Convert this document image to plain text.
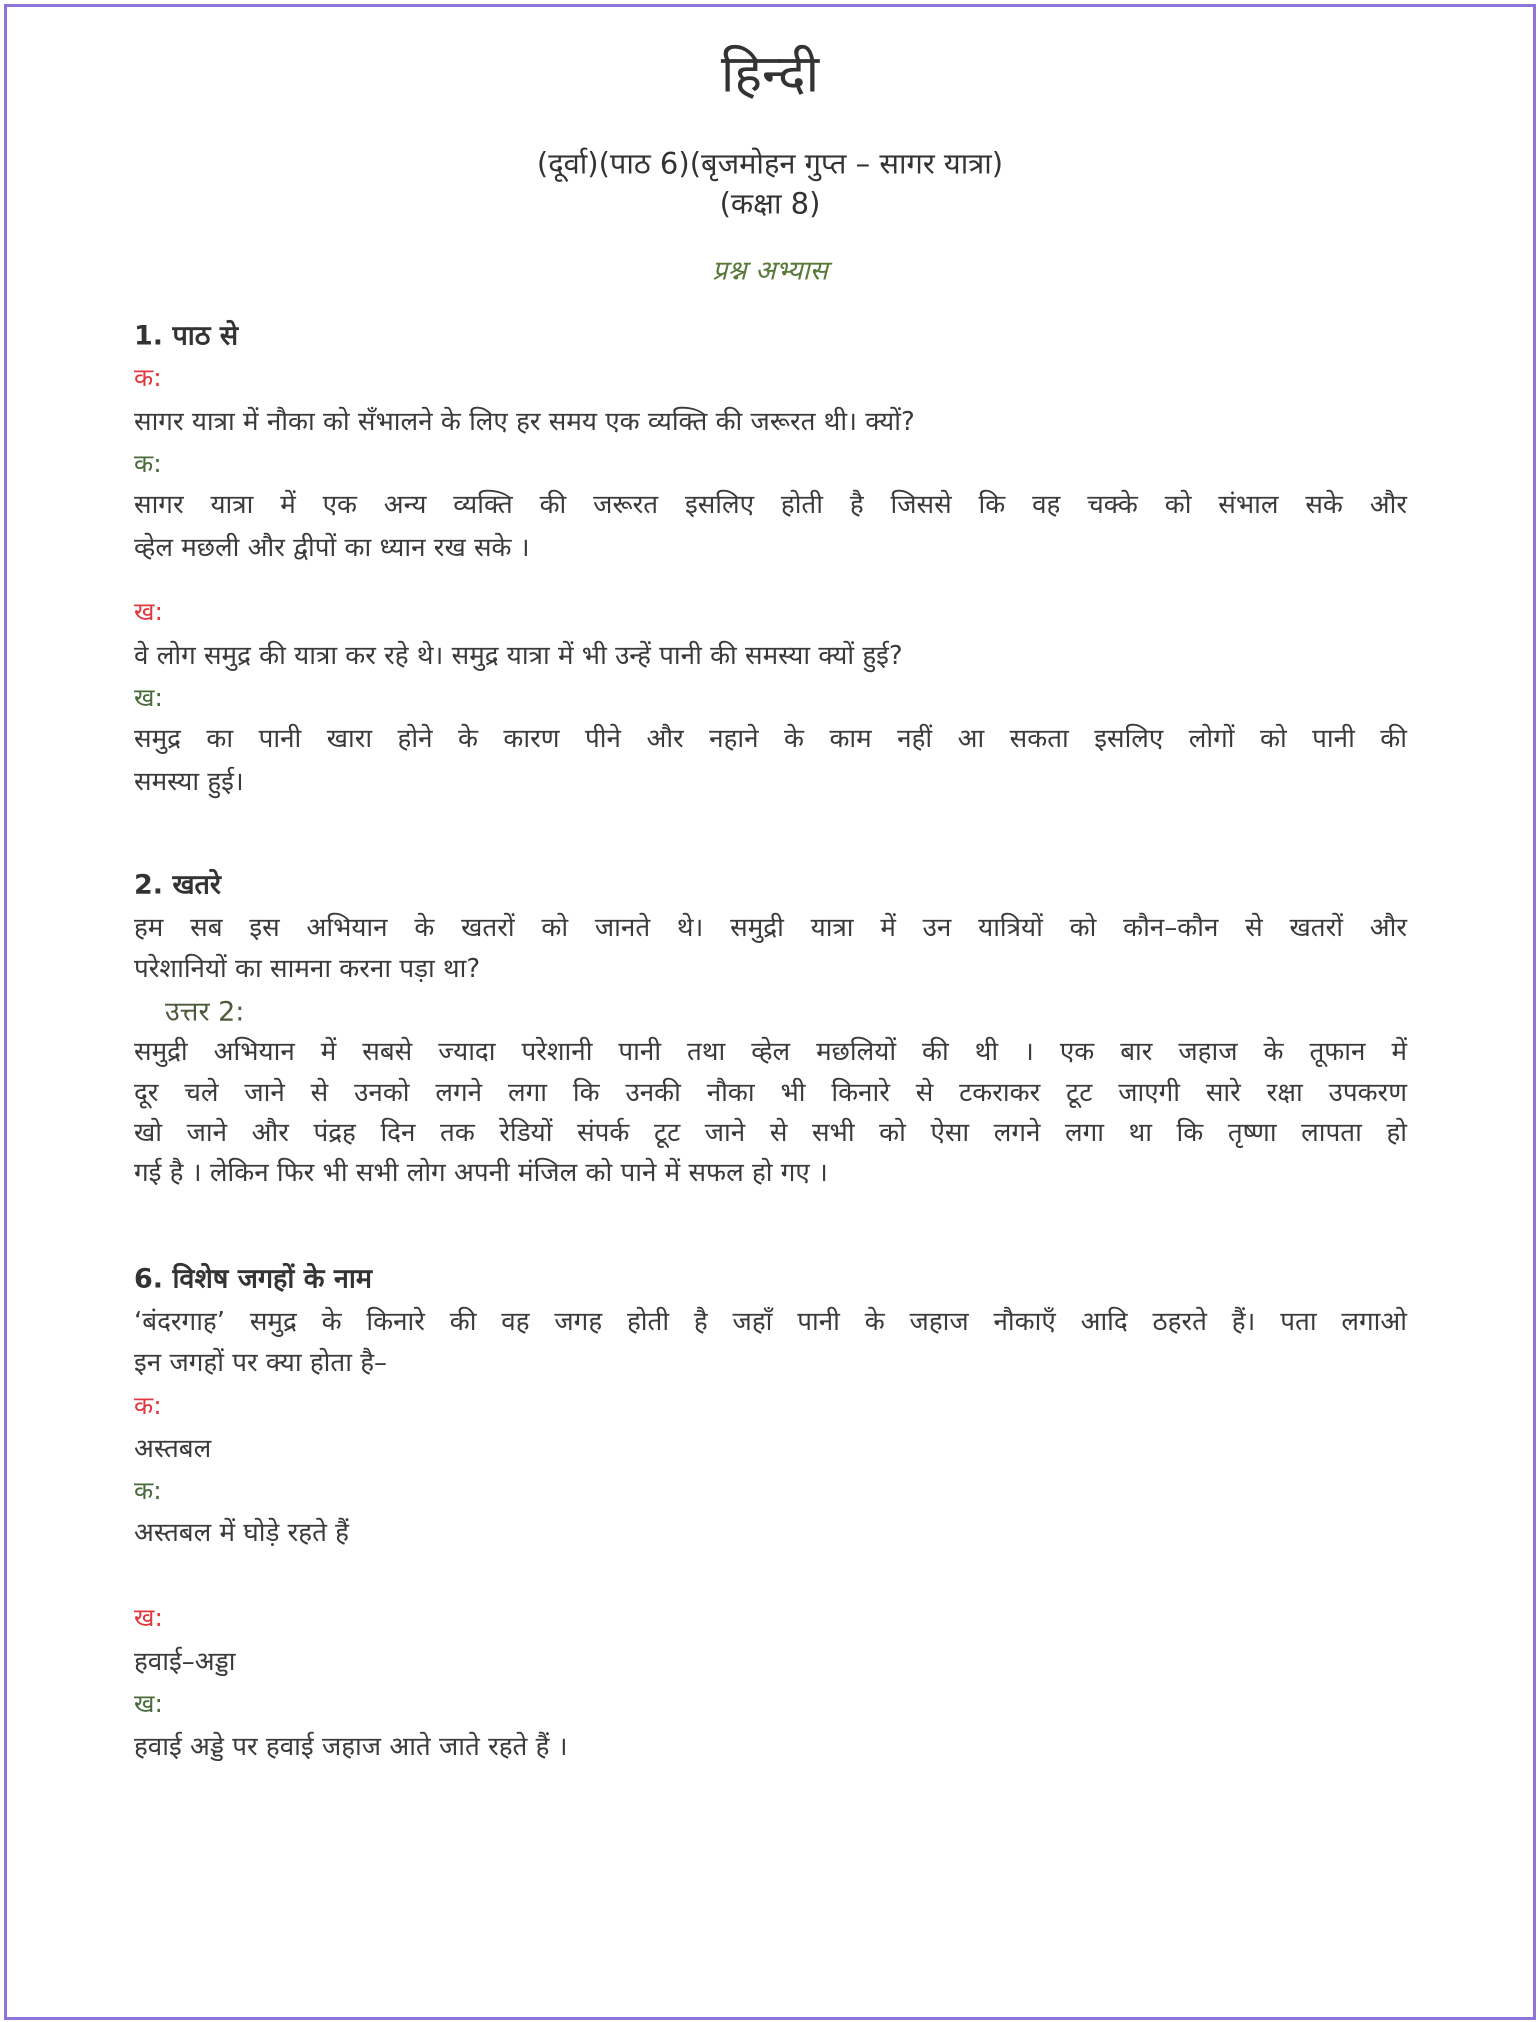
हिन्दी
(दूर्वा)(पाठ 6)(बृजमोहन गुप्त – सागर यात्रा)
(कक्षा 8)
प्रश्न अभ्यास
1. पाठ से
क:
सागर यात्रा में नौका को सँभालने के लिए हर समय एक व्यक्ति की जरूरत थी। क्यों?
क:
सागर यात्रा में एक अन्य व्यक्ति की जरूरत इसलिए होती है जिससे कि वह चक्के को संभाल सके और
व्हेल मछली और द्वीपों का ध्यान रख सके ।
ख:
वे लोग समुद्र की यात्रा कर रहे थे। समुद्र यात्रा में भी उन्हें पानी की समस्या क्यों हुई?
ख:
समुद्र का पानी खारा होने के कारण पीने और नहाने के काम नहीं आ सकता इसलिए लोगों को पानी की
समस्या हुई।
2. खतरे
हम सब इस अभियान के खतरों को जानते थे। समुद्री यात्रा में उन यात्रियों को कौन–कौन से खतरों और
परेशानियों का सामना करना पड़ा था?
उत्तर 2:
समुद्री अभियान में सबसे ज्यादा परेशानी पानी तथा व्हेल मछलियों की थी । एक बार जहाज के तूफान में
दूर चले जाने से उनको लगने लगा कि उनकी नौका भी किनारे से टकराकर टूट जाएगी सारे रक्षा उपकरण
खो जाने और पंद्रह दिन तक रेडियों संपर्क टूट जाने से सभी को ऐसा लगने लगा था कि तृष्णा लापता हो
गई है । लेकिन फिर भी सभी लोग अपनी मंजिल को पाने में सफल हो गए ।
6. विशेष जगहों के नाम
‘बंदरगाह’ समुद्र के किनारे की वह जगह होती है जहाँ पानी के जहाज नौकाएँ आदि ठहरते हैं। पता लगाओ
इन जगहों पर क्या होता है–
क:
अस्तबल
क:
अस्तबल में घोड़े रहते हैं
ख:
हवाई–अड्डा
ख:
हवाई अड्डे पर हवाई जहाज आते जाते रहते हैं ।
